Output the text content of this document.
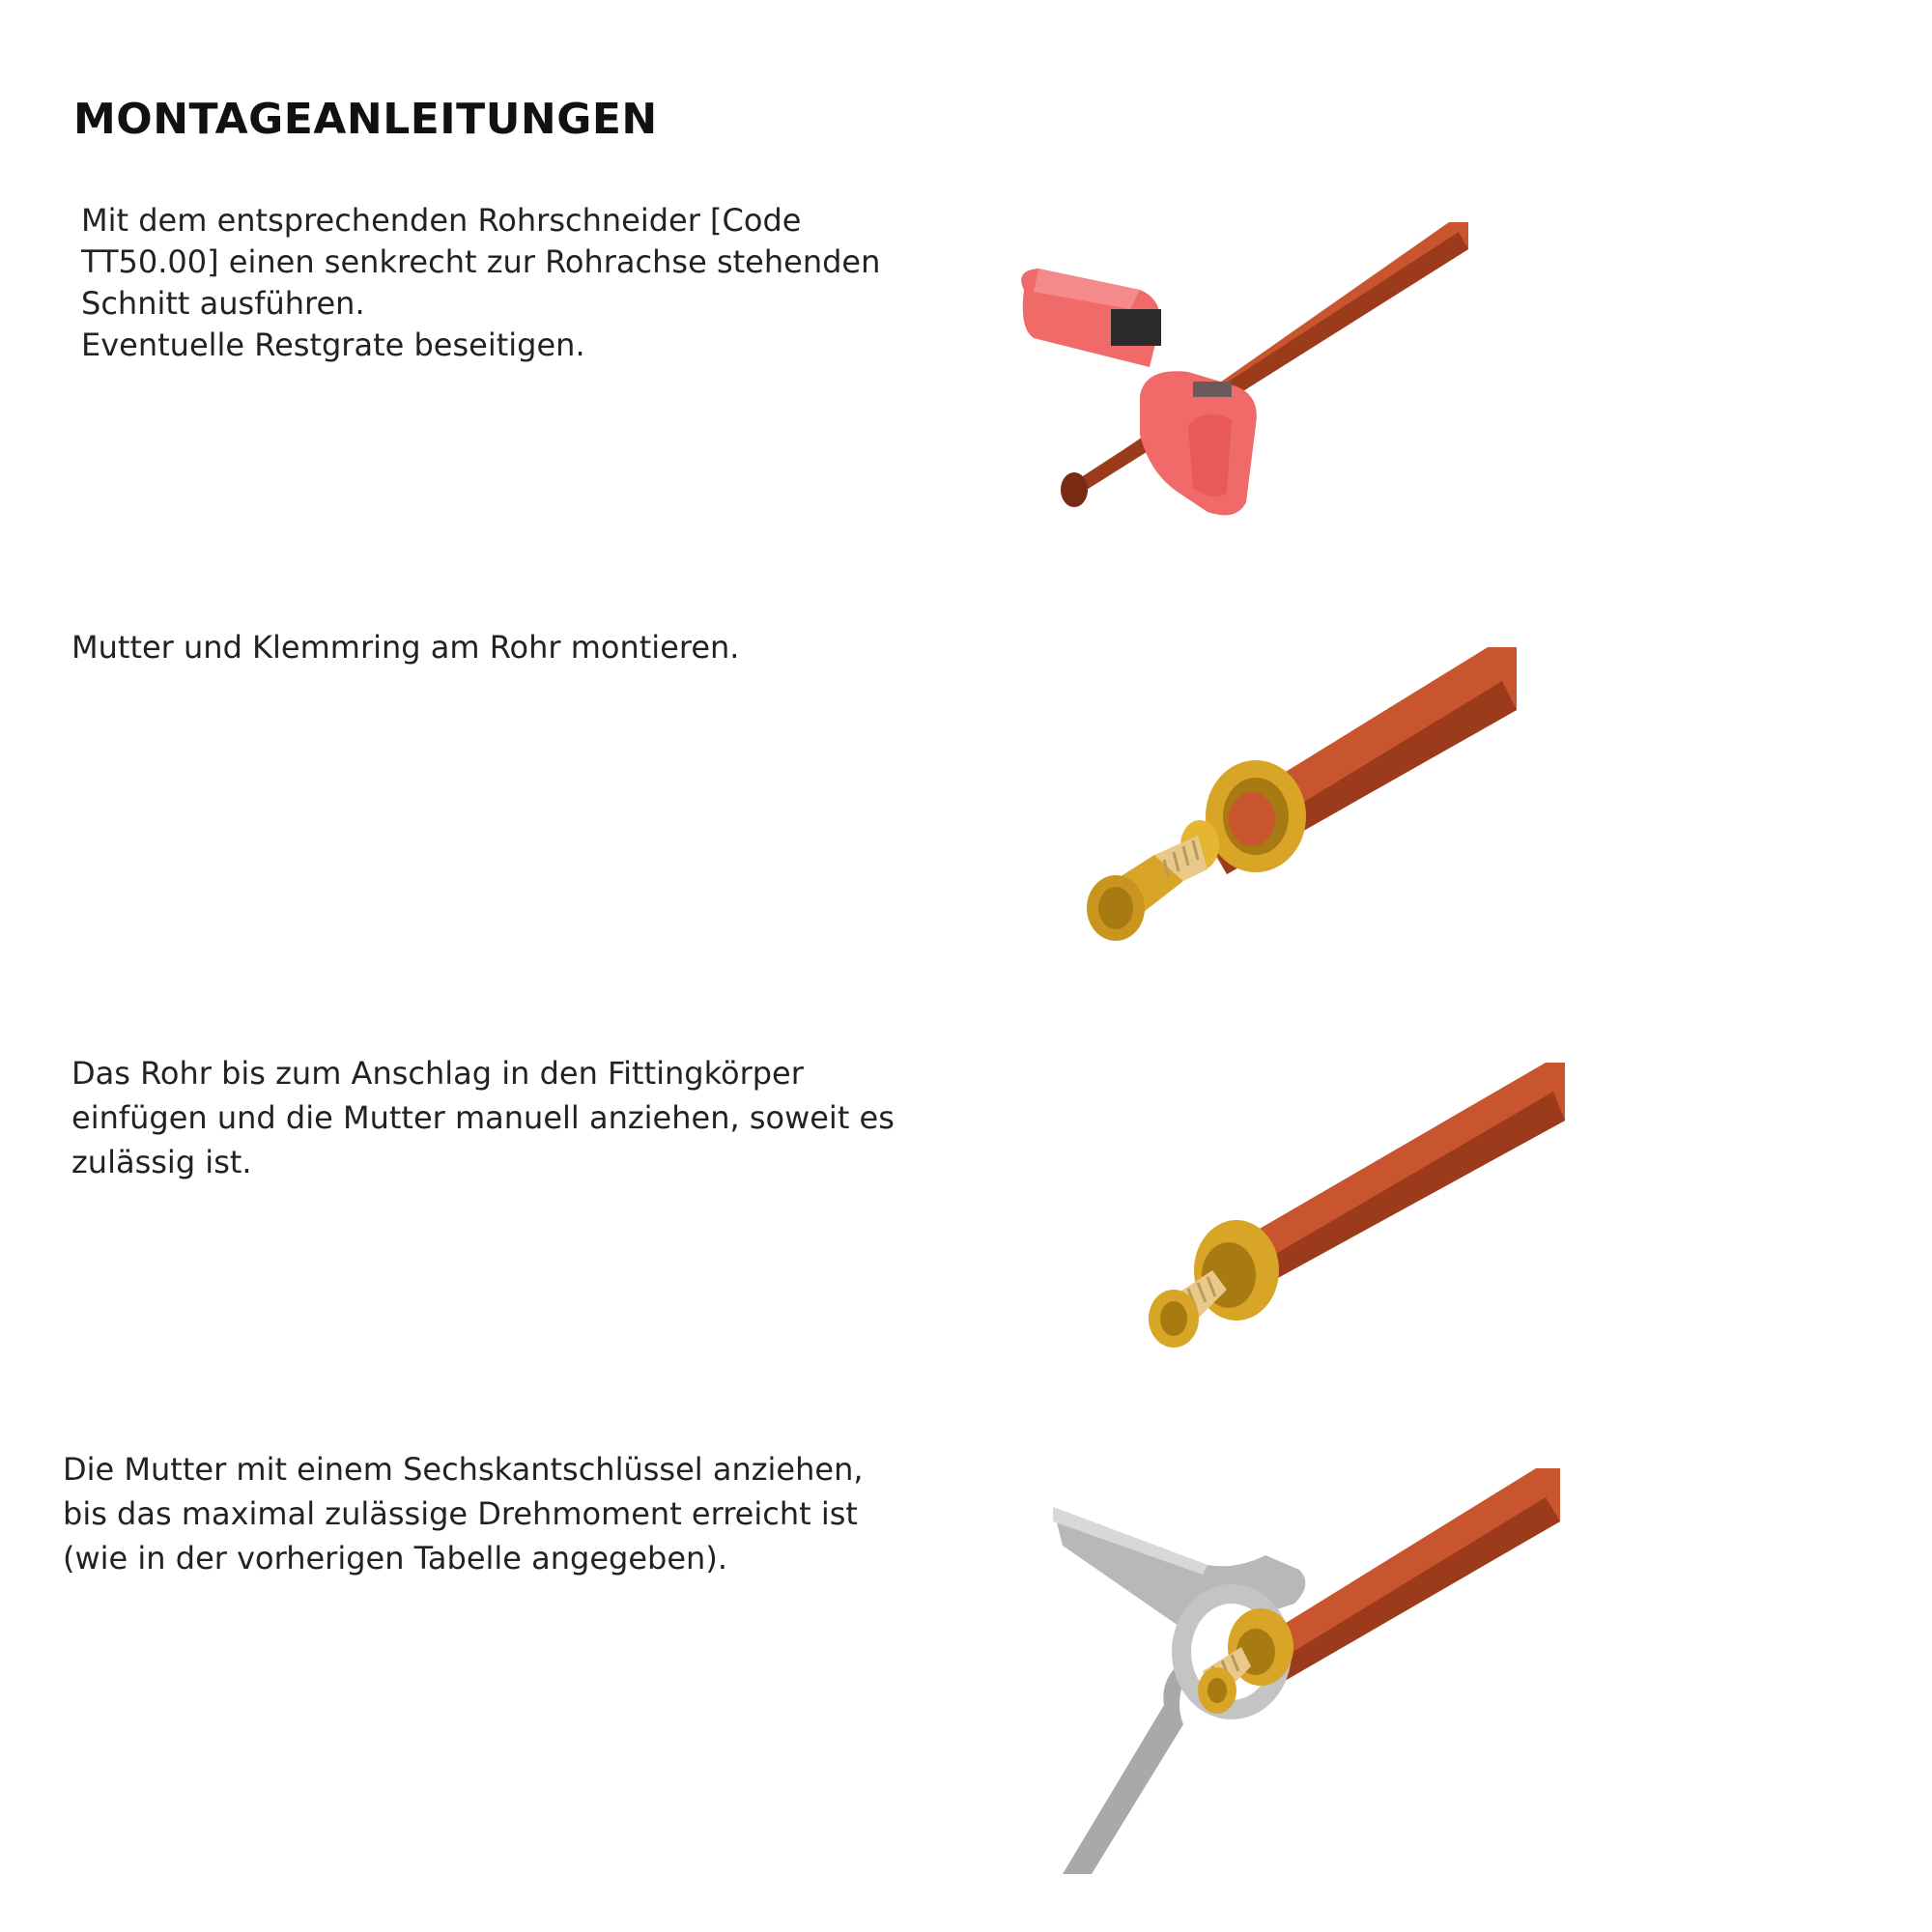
MONTAGEANLEITUNGEN

Mit dem entsprechenden Rohrschneider [Code
TT50.00] einen senkrecht zur Rohrachse stehenden
Schnitt ausführen.
Eventuelle Restgrate beseitigen.

Mutter und Klemmring am Rohr montieren.

Das Rohr bis zum Anschlag in den Fittingkörper
einfügen und die Mutter manuell anziehen, soweit es
zulässig ist.

Die Mutter mit einem Sechskantschlüssel anziehen,
bis das maximal zulässige Drehmoment erreicht ist
(wie in der vorherigen Tabelle angegeben).
